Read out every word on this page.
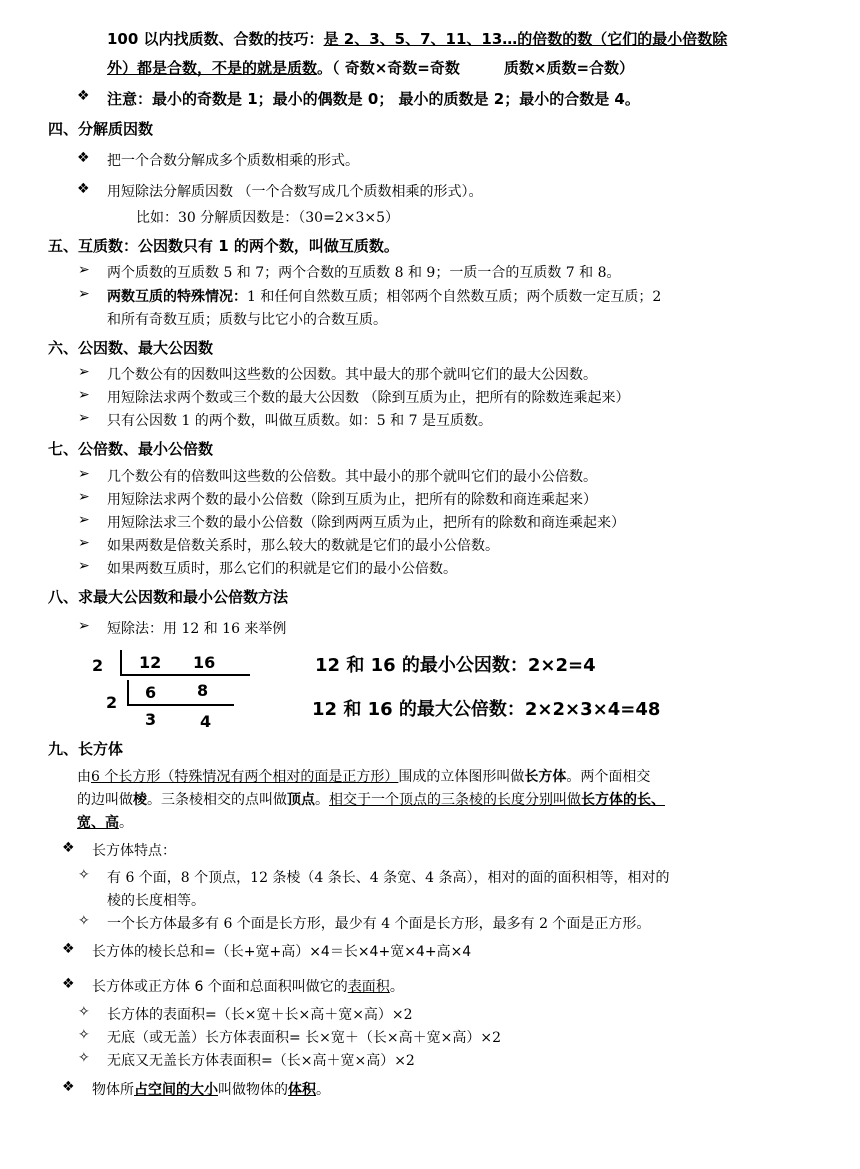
100 以内找质数、合数的技巧：是 2、3、5、7、11、13…的倍数的数（它们的最小倍数除
外）都是合数，不是的就是质数。（ 奇数×奇数=奇数	质数×质数=合数）
❖ 注意：最小的奇数是 1；最小的偶数是 0； 最小的质数是 2；最小的合数是 4。
四、分解质因数
❖ 把一个合数分解成多个质数相乘的形式。
❖ 用短除法分解质因数 （一个合数写成几个质数相乘的形式）。
比如：30 分解质因数是：（30=2×3×5）
五、互质数：公因数只有 1 的两个数，叫做互质数。
➢ 两个质数的互质数 5 和 7；两个合数的互质数 8 和 9；一质一合的互质数 7 和 8。
➢ 两数互质的特殊情况：1 和任何自然数互质；相邻两个自然数互质；两个质数一定互质；2
和所有奇数互质；质数与比它小的合数互质。
六、公因数、最大公因数
➢ 几个数公有的因数叫这些数的公因数。其中最大的那个就叫它们的最大公因数。
➢ 用短除法求两个数或三个数的最大公因数 （除到互质为止，把所有的除数连乘起来）
➢ 只有公因数 1 的两个数，叫做互质数。如：5 和 7 是互质数。
七、公倍数、最小公倍数
➢ 几个数公有的倍数叫这些数的公倍数。其中最小的那个就叫它们的最小公倍数。
➢ 用短除法求两个数的最小公倍数（除到互质为止，把所有的除数和商连乘起来）
➢ 用短除法求三个数的最小公倍数（除到两两互质为止，把所有的除数和商连乘起来）
➢ 如果两数是倍数关系时，那么较大的数就是它们的最小公倍数。
➢ 如果两数互质时，那么它们的积就是它们的最小公倍数。
八、求最大公因数和最小公倍数方法
➢ 短除法：用 12 和 16 来举例
2 12 16
2
6	8
3	4
12 和 16 的最小公因数：2×2=4
12 和 16 的最大公倍数：2×2×3×4=48
九、长方体
由6 个长方形（特殊情况有两个相对的面是正方形）围成的立体图形叫做长方体。两个面相交
的边叫做棱。三条棱相交的点叫做顶点。相交于一个顶点的三条棱的长度分别叫做长方体的长、
宽、高。
❖ 长方体特点：
✧ 有 6 个面，8 个顶点，12 条棱（4 条长、4 条宽、4 条高），相对的面的面积相等，相对的
棱的长度相等。
✧ 一个长方体最多有 6 个面是长方形，最少有 4 个面是长方形，最多有 2 个面是正方形。
❖ 长方体的棱长总和=（长+宽+高）×4＝长×4+宽×4+高×4
❖ 长方体或正方体 6 个面和总面积叫做它的表面积。
✧ 长方体的表面积=（长×宽＋长×高＋宽×高）×2
✧ 无底（或无盖）长方体表面积= 长×宽＋（长×高＋宽×高）×2
✧ 无底又无盖长方体表面积=（长×高＋宽×高）×2
❖ 物体所占空间的大小叫做物体的体积。
